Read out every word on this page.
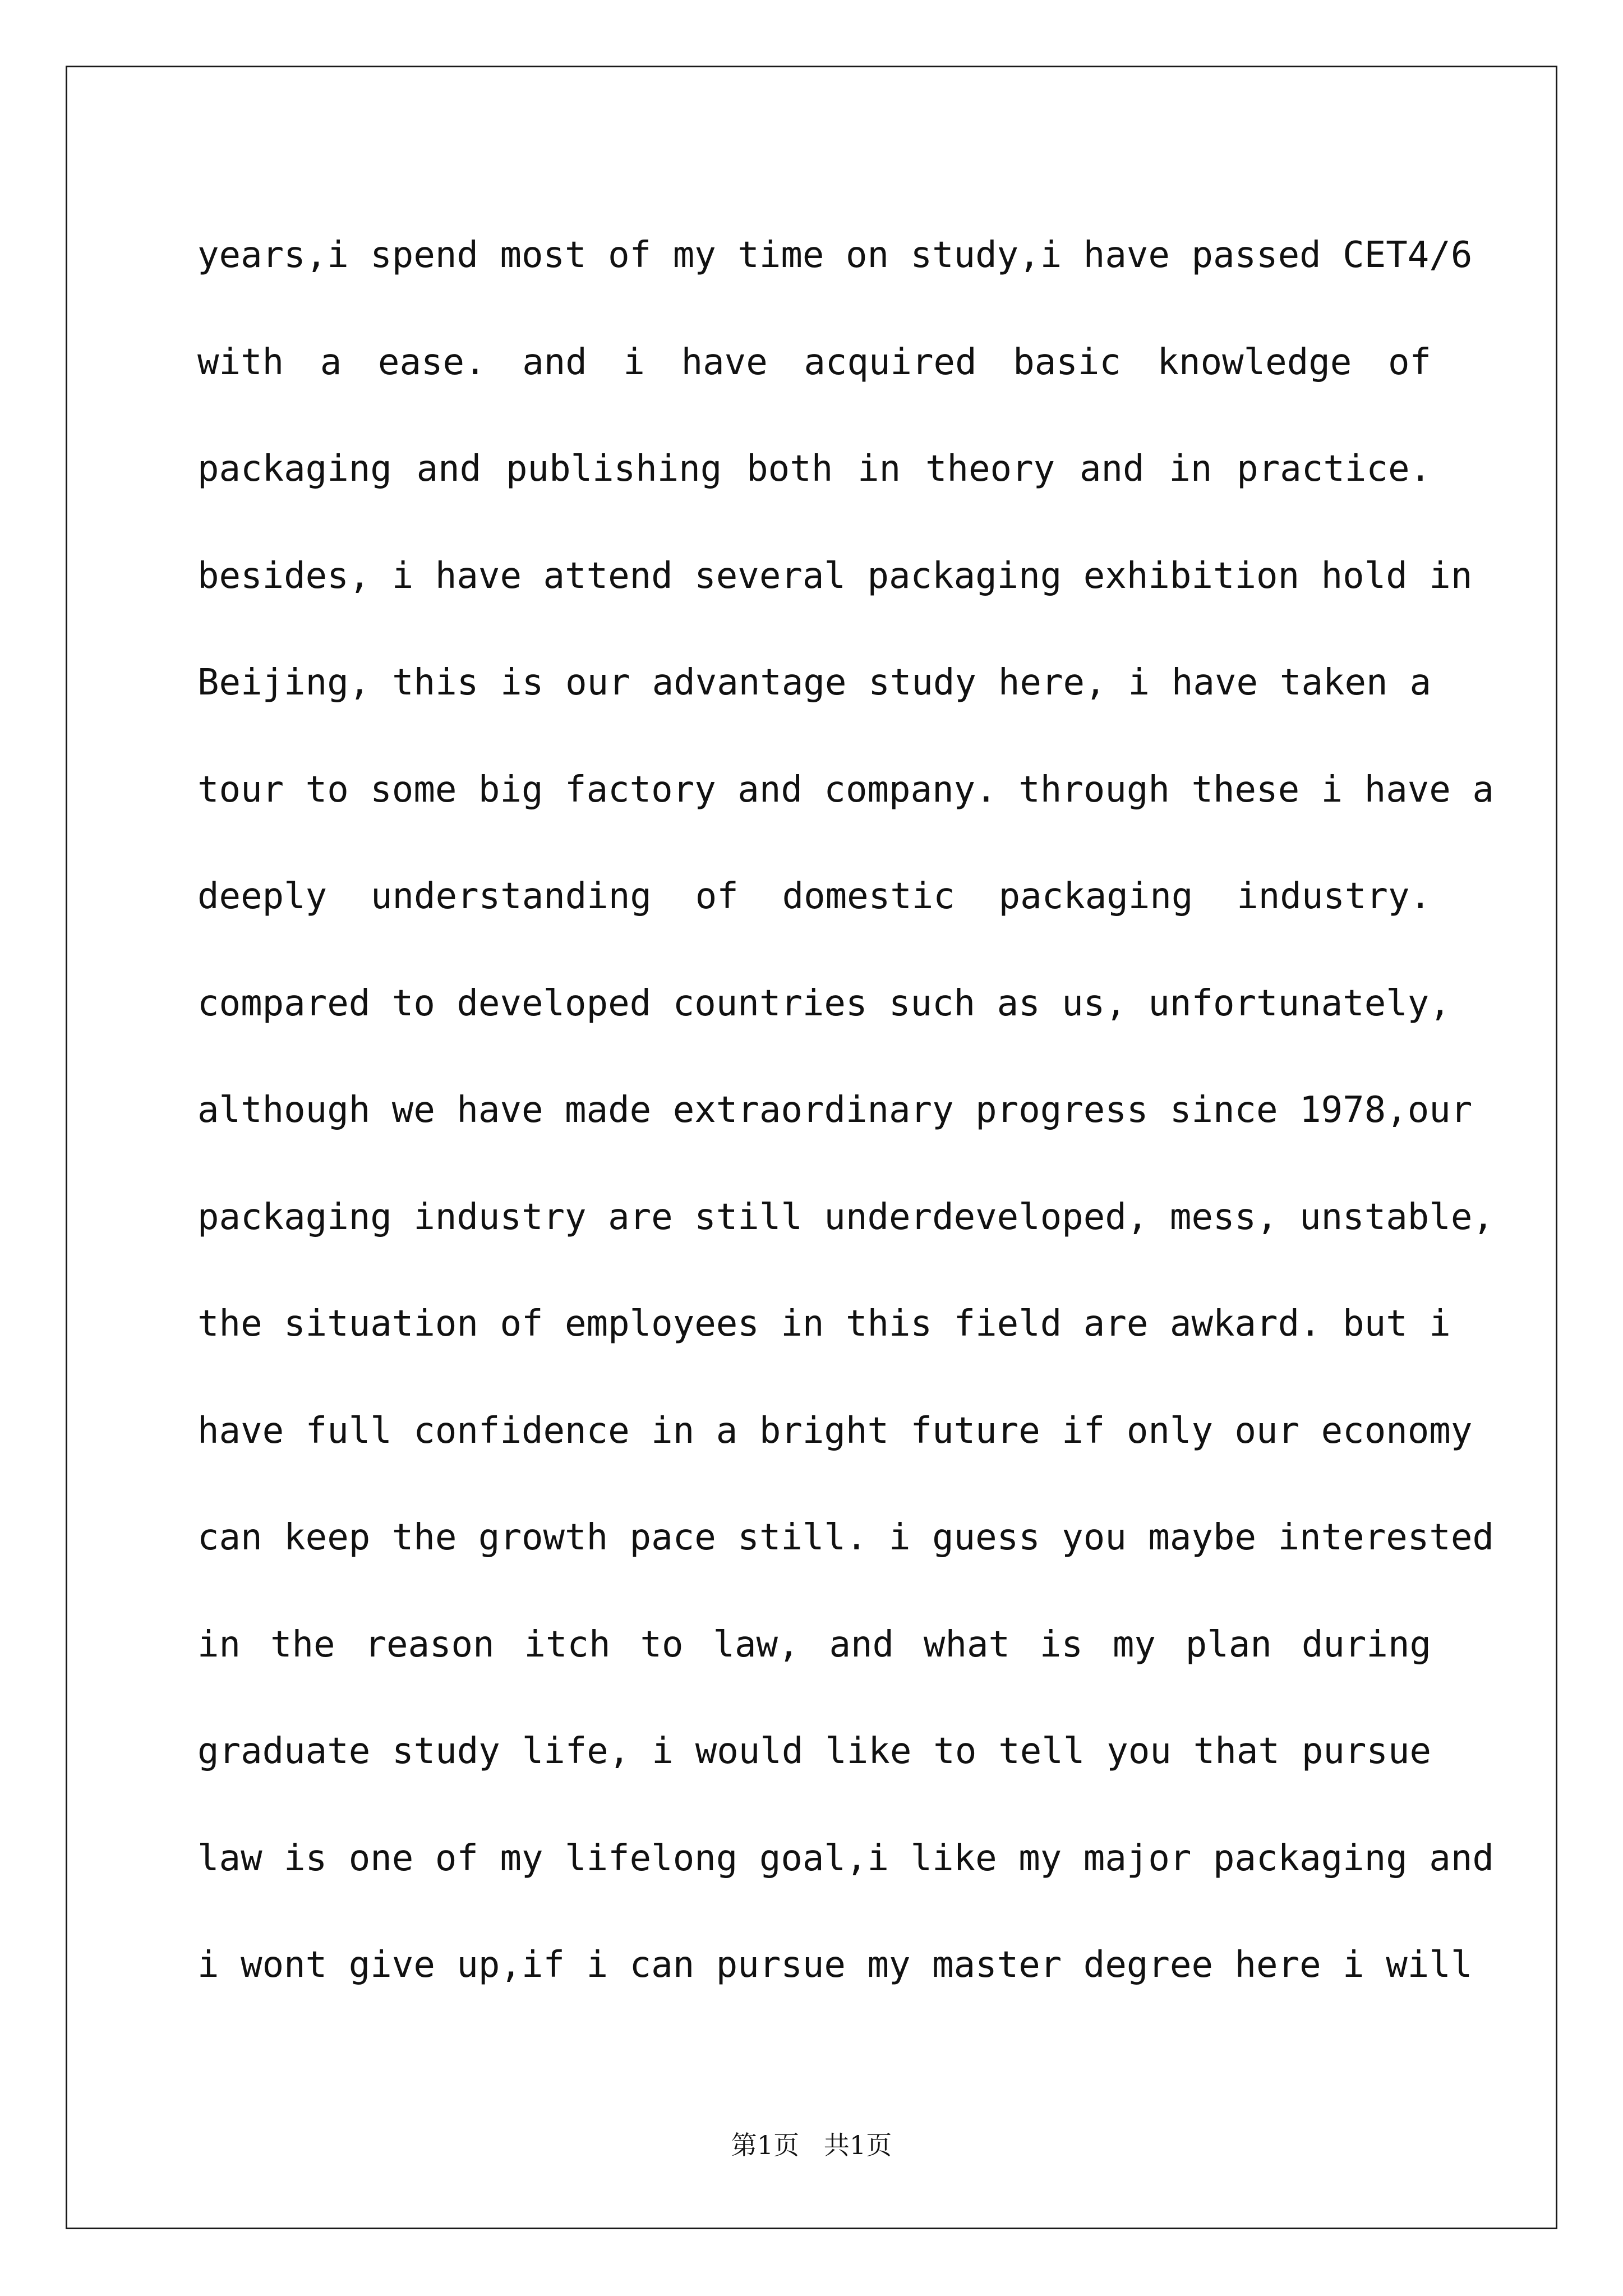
years,i spend most of my time on study,i have passed CET4/6
with a ease. and i have acquired basic knowledge of
packaging and publishing both in theory and in practice.
besides, i have attend several packaging exhibition hold in
Beijing, this is our advantage study here, i have taken a
tour to some big factory and company. through these i have a
deeply understanding of domestic packaging industry.
compared to developed countries such as us, unfortunately,
although we have made extraordinary progress since 1978,our
packaging industry are still underdeveloped, mess, unstable,
the situation of employees in this field are awkard. but i
have full confidence in a bright future if only our economy
can keep the growth pace still. i guess you maybe interested
in the reason itch to law, and what is my plan during
graduate study life, i would like to tell you that pursue
law is one of my lifelong goal,i like my major packaging and
i wont give up,if i can pursue my master degree here i will
第1页   共1页
